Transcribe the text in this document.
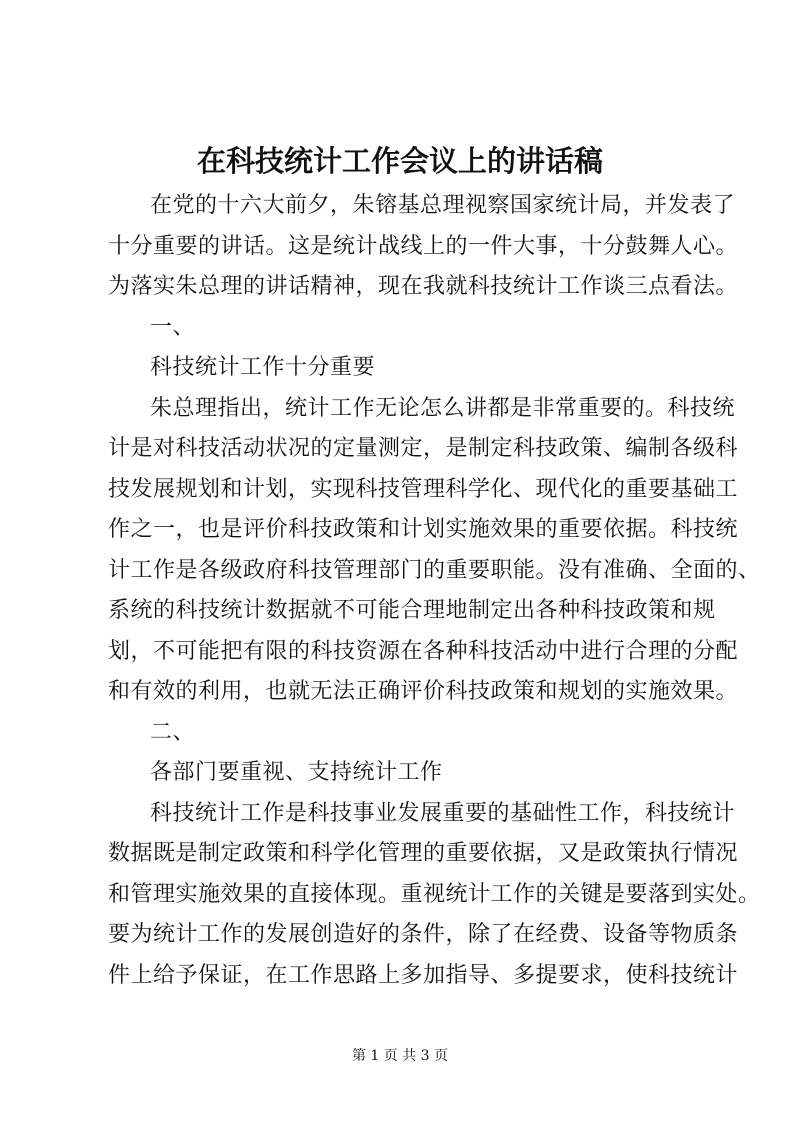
在科技统计工作会议上的讲话稿

在党的十六大前夕，朱镕基总理视察国家统计局，并发表了

十分重要的讲话。这是统计战线上的一件大事，十分鼓舞人心。

为落实朱总理的讲话精神，现在我就科技统计工作谈三点看法。

一、

科技统计工作十分重要

朱总理指出，统计工作无论怎么讲都是非常重要的。科技统

计是对科技活动状况的定量测定，是制定科技政策、编制各级科

技发展规划和计划，实现科技管理科学化、现代化的重要基础工

作之一，也是评价科技政策和计划实施效果的重要依据。科技统

计工作是各级政府科技管理部门的重要职能。没有准确、全面的、

系统的科技统计数据就不可能合理地制定出各种科技政策和规

划，不可能把有限的科技资源在各种科技活动中进行合理的分配

和有效的利用，也就无法正确评价科技政策和规划的实施效果。

二、

各部门要重视、支持统计工作

科技统计工作是科技事业发展重要的基础性工作，科技统计

数据既是制定政策和科学化管理的重要依据，又是政策执行情况

和管理实施效果的直接体现。重视统计工作的关键是要落到实处。

要为统计工作的发展创造好的条件，除了在经费、设备等物质条

件上给予保证，在工作思路上多加指导、多提要求，使科技统计

第 1 页 共 3 页
